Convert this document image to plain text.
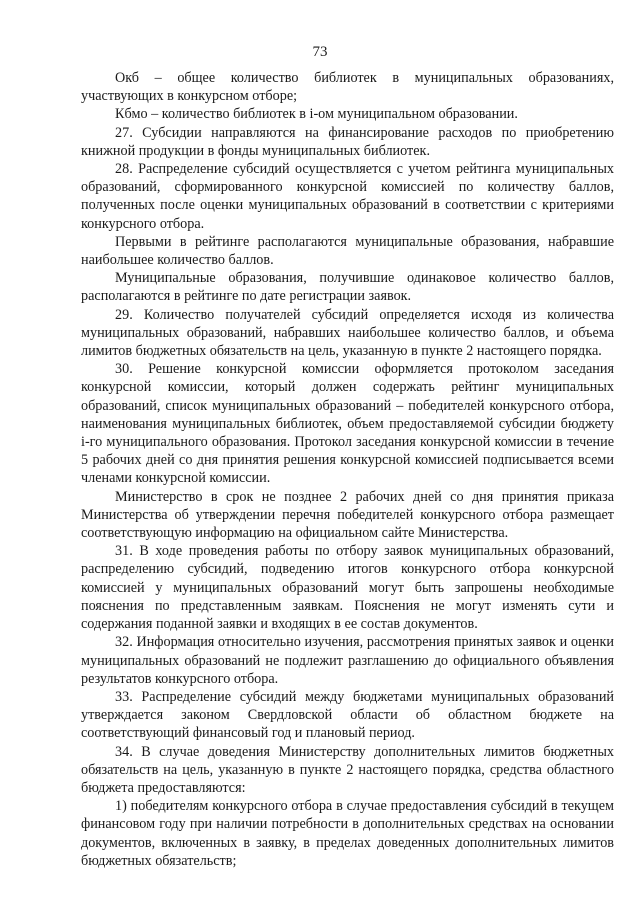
73

Окб – общее количество библиотек в муниципальных образованиях, участвующих в конкурсном отборе;

Кбмо – количество библиотек в i-ом муниципальном образовании.

27. Субсидии направляются на финансирование расходов по приобретению книжной продукции в фонды муниципальных библиотек.

28. Распределение субсидий осуществляется с учетом рейтинга муниципальных образований, сформированного конкурсной комиссией по количеству баллов, полученных после оценки муниципальных образований в соответствии с критериями конкурсного отбора.

Первыми в рейтинге располагаются муниципальные образования, набравшие наибольшее количество баллов.

Муниципальные образования, получившие одинаковое количество баллов, располагаются в рейтинге по дате регистрации заявок.

29. Количество получателей субсидий определяется исходя из количества муниципальных образований, набравших наибольшее количество баллов, и объема лимитов бюджетных обязательств на цель, указанную в пункте 2 настоящего порядка.

30. Решение конкурсной комиссии оформляется протоколом заседания конкурсной комиссии, который должен содержать рейтинг муниципальных образований, список муниципальных образований – победителей конкурсного отбора, наименования муниципальных библиотек, объем предоставляемой субсидии бюджету i-го муниципального образования. Протокол заседания конкурсной комиссии в течение 5 рабочих дней со дня принятия решения конкурсной комиссией подписывается всеми членами конкурсной комиссии.

Министерство в срок не позднее 2 рабочих дней со дня принятия приказа Министерства об утверждении перечня победителей конкурсного отбора размещает соответствующую информацию на официальном сайте Министерства.

31. В ходе проведения работы по отбору заявок муниципальных образований, распределению субсидий, подведению итогов конкурсного отбора конкурсной комиссией у муниципальных образований могут быть запрошены необходимые пояснения по представленным заявкам. Пояснения не могут изменять сути и содержания поданной заявки и входящих в ее состав документов.

32. Информация относительно изучения, рассмотрения принятых заявок и оценки муниципальных образований не подлежит разглашению до официального объявления результатов конкурсного отбора.

33. Распределение субсидий между бюджетами муниципальных образований утверждается законом Свердловской области об областном бюджете на соответствующий финансовый год и плановый период.

34. В случае доведения Министерству дополнительных лимитов бюджетных обязательств на цель, указанную в пункте 2 настоящего порядка, средства областного бюджета предоставляются:

1) победителям конкурсного отбора в случае предоставления субсидий в текущем финансовом году при наличии потребности в дополнительных средствах на основании документов, включенных в заявку, в пределах доведенных дополнительных лимитов бюджетных обязательств;
